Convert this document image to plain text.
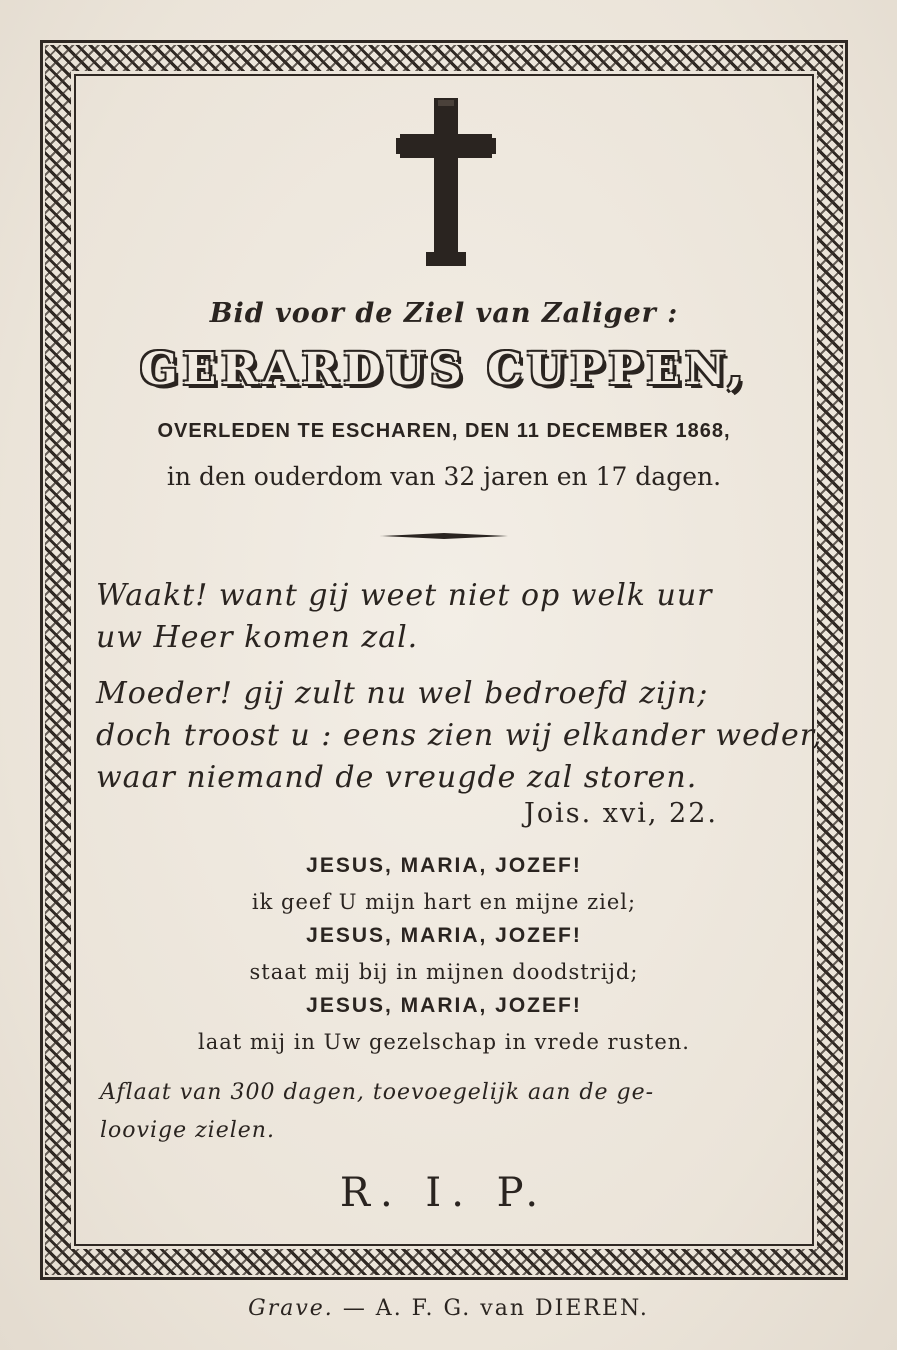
Bid voor de Ziel van Zaliger :
GERARDUS CUPPEN,
OVERLEDEN TE ESCHAREN, DEN 11 DECEMBER 1868,
in den ouderdom van 32 jaren en 17 dagen.
Waakt! want gij weet niet op welk uur
uw Heer komen zal.
Moeder! gij zult nu wel bedroefd zijn;
doch troost u : eens zien wij elkander weder,
waar niemand de vreugde zal storen.
Jois. xvi, 22.
JESUS, MARIA, JOZEF!
ik geef U mijn hart en mijne ziel;
JESUS, MARIA, JOZEF!
staat mij bij in mijnen doodstrijd;
JESUS, MARIA, JOZEF!
laat mij in Uw gezelschap in vrede rusten.
Aflaat van 300 dagen, toevoegelijk aan de ge-
loovige zielen.
R. I. P.
Grave. — A. F. G. van DIEREN.
